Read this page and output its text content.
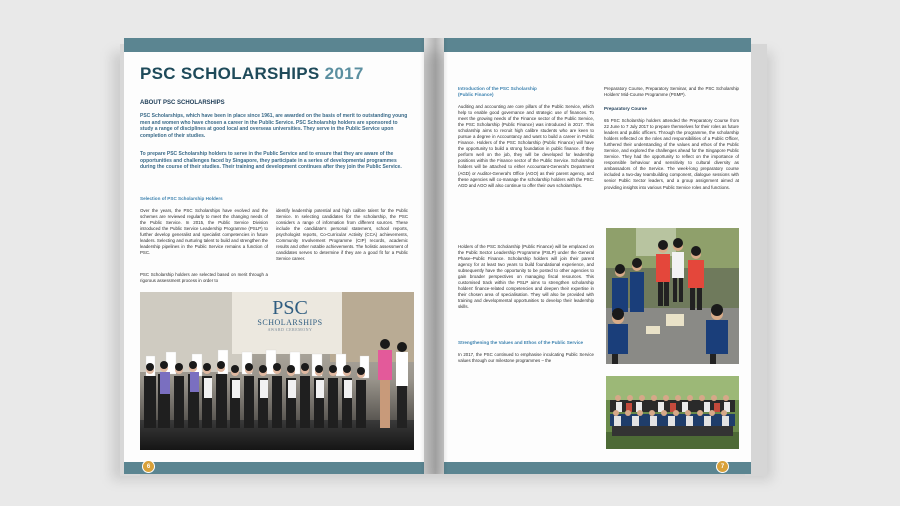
PSC SCHOLARSHIPS 2017
ABOUT PSC SCHOLARSHIPS
PSC Scholarships, which have been in place since 1961, are awarded on the basis of merit to outstanding young men and women who have chosen a career in the Public Service. PSC Scholarship holders are sponsored to study a range of disciplines at good local and overseas universities. They serve in the Public Service upon completion of their studies.
To prepare PSC Scholarship holders to serve in the Public Service and to ensure that they are aware of the opportunities and challenges faced by Singapore, they participate in a series of developmental programmes during the course of their studies. Their training and development continues after they join the Public Service.
Selection of PSC Scholarship Holders
Over the years, the PSC Scholarships have evolved and the schemes are reviewed regularly to meet the changing needs of the Public Service. In 2015, the Public Service Division introduced the Public Service Leadership Programme (PSLP) to further develop generalist and specialist competencies in future leaders. Selecting and nurturing talent to build and strengthen the leadership pipelines in the Public Service remains a function of PSC.
PSC Scholarship holders are selected based on merit through a rigorous assessment process in order to
identify leadership potential and high calibre talent for the Public Service. In selecting candidates for the scholarship, the PSC considers a range of information from different sources. These include the candidate's personal statement, school reports, psychologist reports, Co-Curricular Activity (CCA) achievements, Community Involvement Programme (CIP) records, academic results and other notable achievements. The holistic assessment of candidates serves to determine if they are a good fit for a Public Service career.
PSC
SCHOLARSHIPS
AWARD CEREMONY
6
Introduction of the PSC Scholarship
(Public Finance)
Auditing and accounting are core pillars of the Public Service, which help to enable good governance and strategic use of finances. To meet the growing needs of the Finance sector of the Public Service, the PSC Scholarship (Public Finance) was introduced in 2017. This scholarship aims to recruit high calibre students who are keen to pursue a degree in Accountancy and want to build a career in Public Finance. Holders of the PSC Scholarship (Public Finance) will have the opportunity to build a strong foundation in public finance. If they perform well on the job, they will be developed for leadership positions within the Finance sector of the Public Service. Scholarship holders will be attached to either Accountant-General's Department (AGD) or Auditor-General's Office (AGO) as their parent agency, and these agencies will co-manage the scholarship holders with the PSC. AGD and AGO will also continue to offer their own scholarships.
Holders of the PSC Scholarship (Public Finance) will be emplaced on the Public Sector Leadership Programme (PSLP) under the General Phase–Public Finance. Scholarship holders will join their parent agency for at least two years to build foundational experience, and subsequently have the opportunity to be posted to other agencies to gain broader perspectives on managing fiscal resources. This customised track within the PSLP aims to strengthen scholarship holders' finance-related competencies and deepen their expertise in their chosen area of specialisation. They will also be provided with training and developmental opportunities to develop their leadership skills.
Strengthening the Values and Ethos of the Public Service
In 2017, the PSC continued to emphasise inculcating Public Service values through our milestone programmes – the
Preparatory Course, Preparatory Seminar, and the PSC Scholarship Holders' Mid-Course Programme (PSMP).
Preparatory Course
65 PSC Scholarship holders attended the Preparatory Course from 22 June to 7 July 2017 to prepare themselves for their roles as future leaders and public officers. Through the programme, the scholarship holders reflected on the roles and responsibilities of a Public Officer, furthered their understanding of the values and ethos of the Public Service, and explored the challenges ahead for the Singapore Public Service. They had the opportunity to reflect on the importance of responsible behaviour and sensitivity to cultural diversity as ambassadors of the Service. The week-long preparatory course included a two-day teambuilding component, dialogue sessions with senior Public Sector leaders, and a group assignment aimed at providing insights into various Public Service roles and functions.
7
